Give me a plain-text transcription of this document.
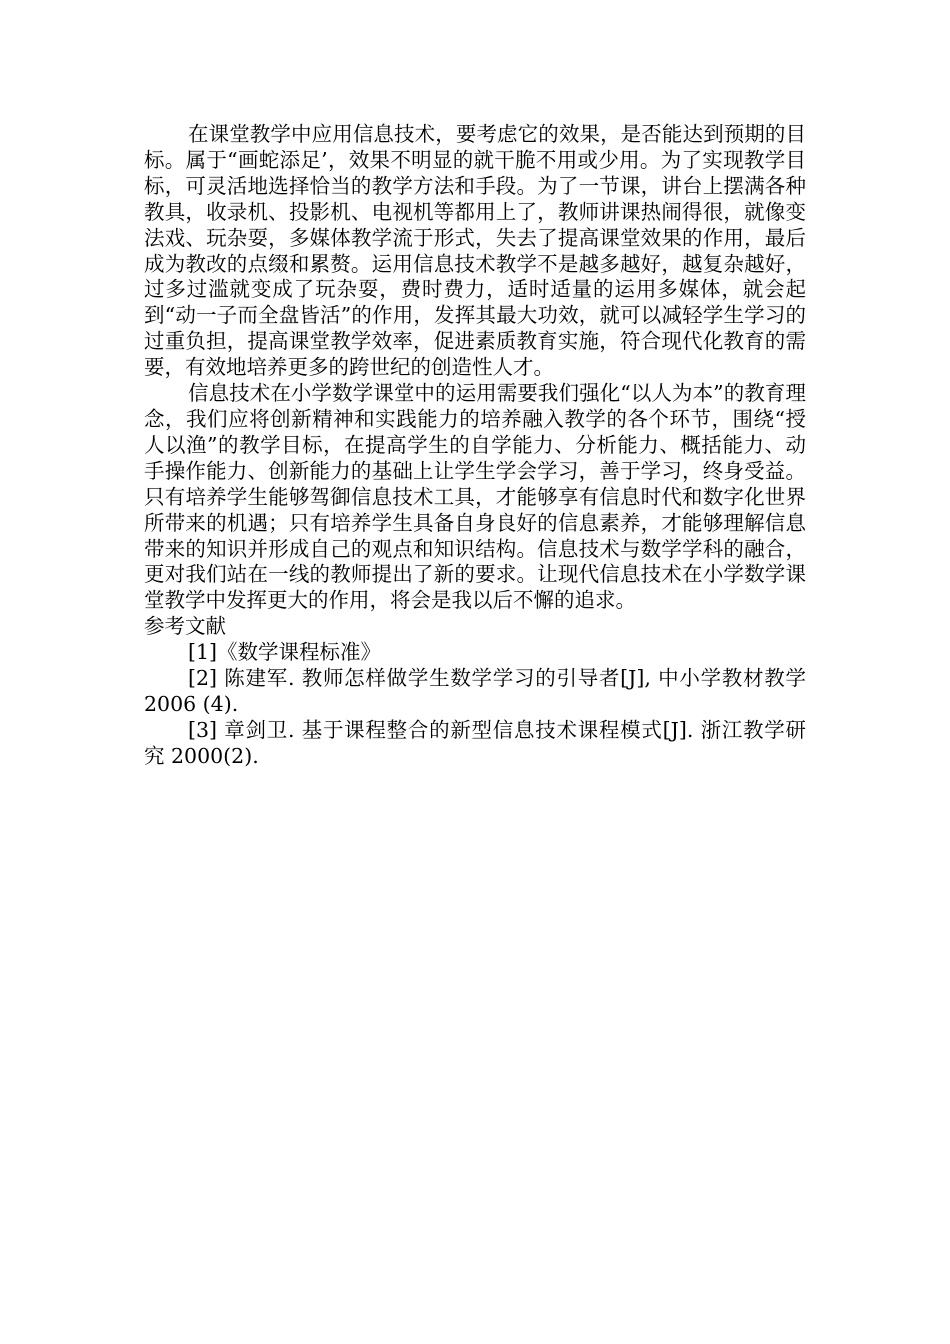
在课堂教学中应用信息技术，要考虑它的效果，是否能达到预期的目标。属于“画蛇添足’，效果不明显的就干脆不用或少用。为了实现教学目标，可灵活地选择恰当的教学方法和手段。为了一节课，讲台上摆满各种教具，收录机、投影机、电视机等都用上了，教师讲课热闹得很，就像变法戏、玩杂耍，多媒体教学流于形式，失去了提高课堂效果的作用，最后成为教改的点缀和累赘。运用信息技术教学不是越多越好，越复杂越好，过多过滥就变成了玩杂耍，费时费力，适时适量的运用多媒体，就会起到“动一子而全盘皆活”的作用，发挥其最大功效，就可以减轻学生学习的过重负担，提高课堂教学效率，促进素质教育实施，符合现代化教育的需要，有效地培养更多的跨世纪的创造性人才。

信息技术在小学数学课堂中的运用需要我们强化“以人为本”的教育理念，我们应将创新精神和实践能力的培养融入教学的各个环节，围绕“授人以渔”的教学目标，在提高学生的自学能力、分析能力、概括能力、动手操作能力、创新能力的基础上让学生学会学习，善于学习，终身受益。只有培养学生能够驾御信息技术工具，才能够享有信息时代和数字化世界所带来的机遇；只有培养学生具备自身良好的信息素养，才能够理解信息带来的知识并形成自己的观点和知识结构。信息技术与数学学科的融合，更对我们站在一线的教师提出了新的要求。让现代信息技术在小学数学课堂教学中发挥更大的作用，将会是我以后不懈的追求。

参考文献

[1]《数学课程标准》

[2] 陈建军. 教师怎样做学生数学学习的引导者[J], 中小学教材教学 2006 (4).

[3] 章剑卫. 基于课程整合的新型信息技术课程模式[J]. 浙江教学研究 2000(2).
